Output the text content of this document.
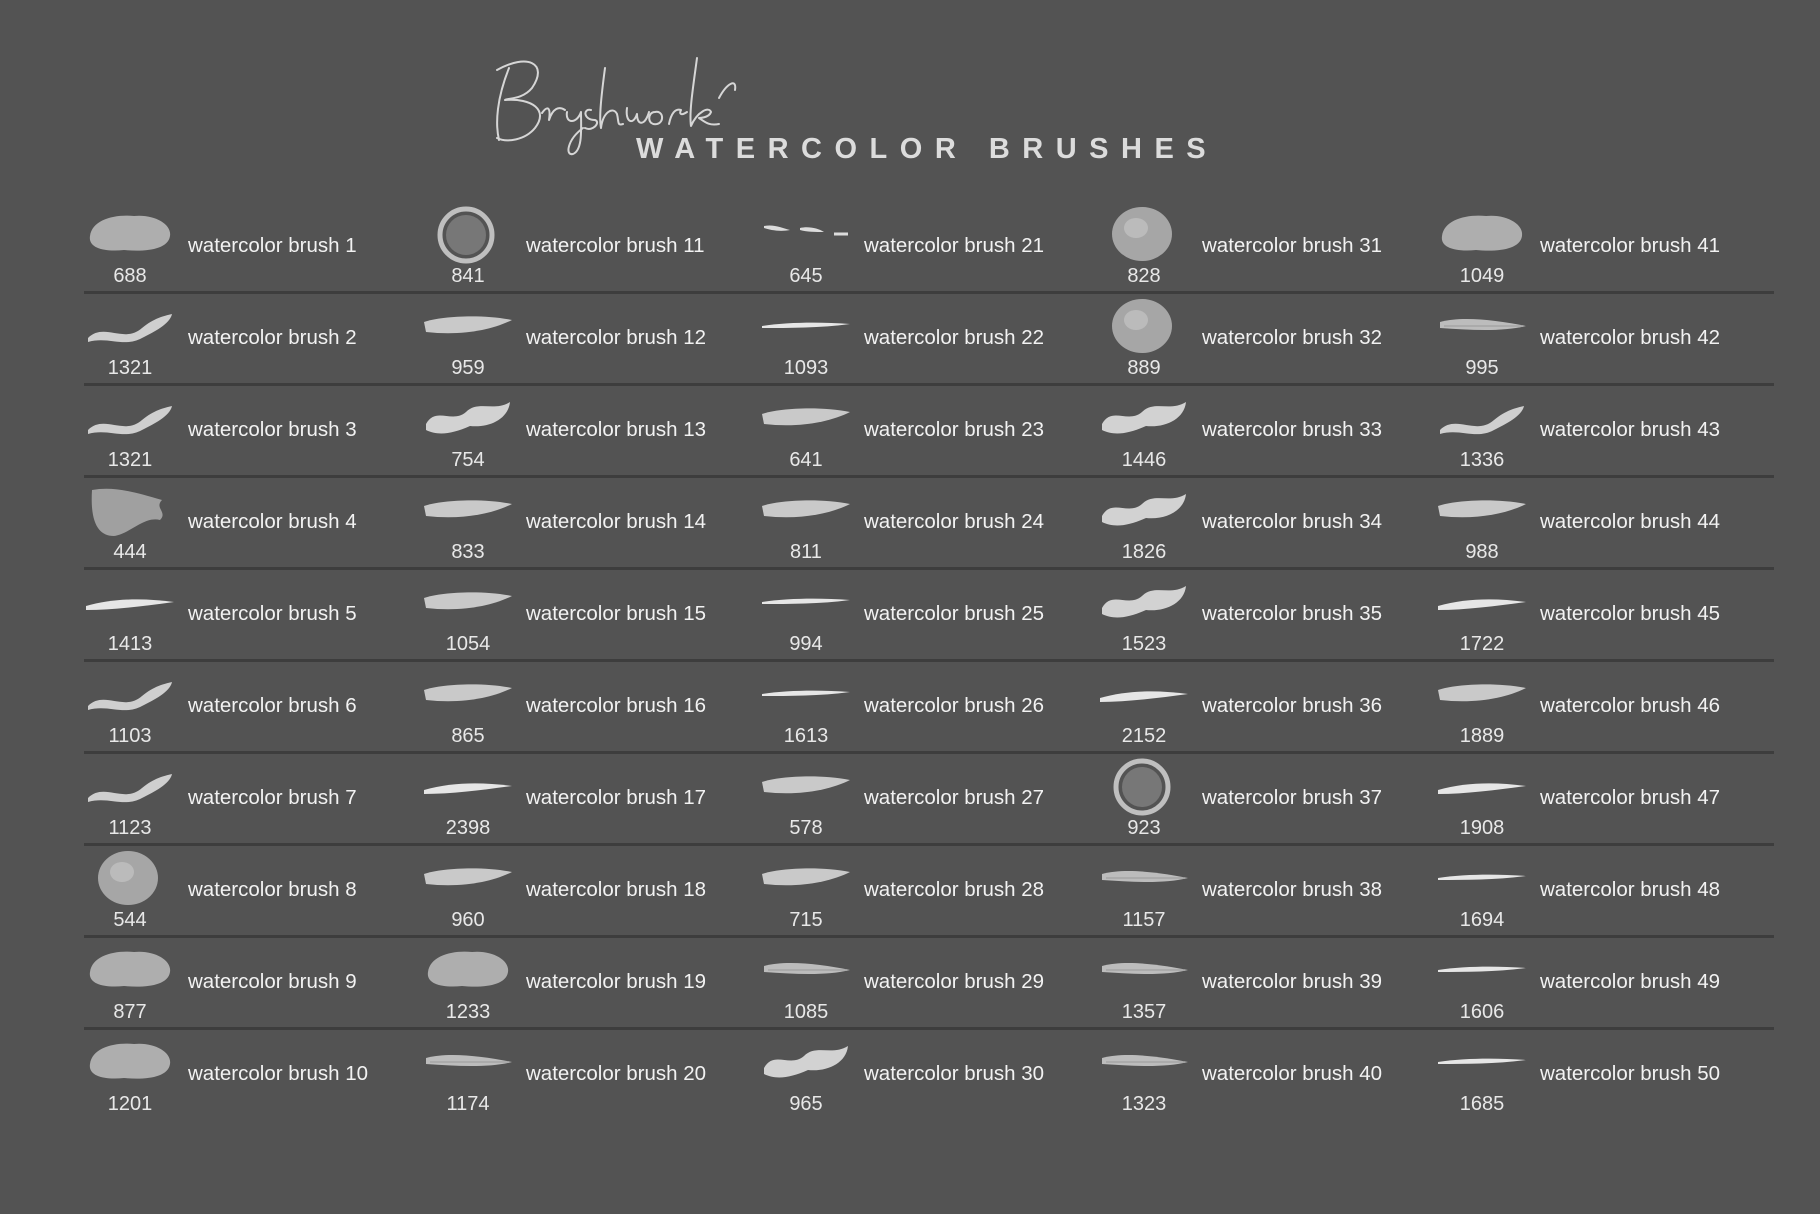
WATERCOLOR BRUSHES
688
watercolor brush 1
841
watercolor brush 11
645
watercolor brush 21
828
watercolor brush 31
1049
watercolor brush 41
1321
watercolor brush 2
959
watercolor brush 12
1093
watercolor brush 22
889
watercolor brush 32
995
watercolor brush 42
1321
watercolor brush 3
754
watercolor brush 13
641
watercolor brush 23
1446
watercolor brush 33
1336
watercolor brush 43
444
watercolor brush 4
833
watercolor brush 14
811
watercolor brush 24
1826
watercolor brush 34
988
watercolor brush 44
1413
watercolor brush 5
1054
watercolor brush 15
994
watercolor brush 25
1523
watercolor brush 35
1722
watercolor brush 45
1103
watercolor brush 6
865
watercolor brush 16
1613
watercolor brush 26
2152
watercolor brush 36
1889
watercolor brush 46
1123
watercolor brush 7
2398
watercolor brush 17
578
watercolor brush 27
923
watercolor brush 37
1908
watercolor brush 47
544
watercolor brush 8
960
watercolor brush 18
715
watercolor brush 28
1157
watercolor brush 38
1694
watercolor brush 48
877
watercolor brush 9
1233
watercolor brush 19
1085
watercolor brush 29
1357
watercolor brush 39
1606
watercolor brush 49
1201
watercolor brush 10
1174
watercolor brush 20
965
watercolor brush 30
1323
watercolor brush 40
1685
watercolor brush 50
